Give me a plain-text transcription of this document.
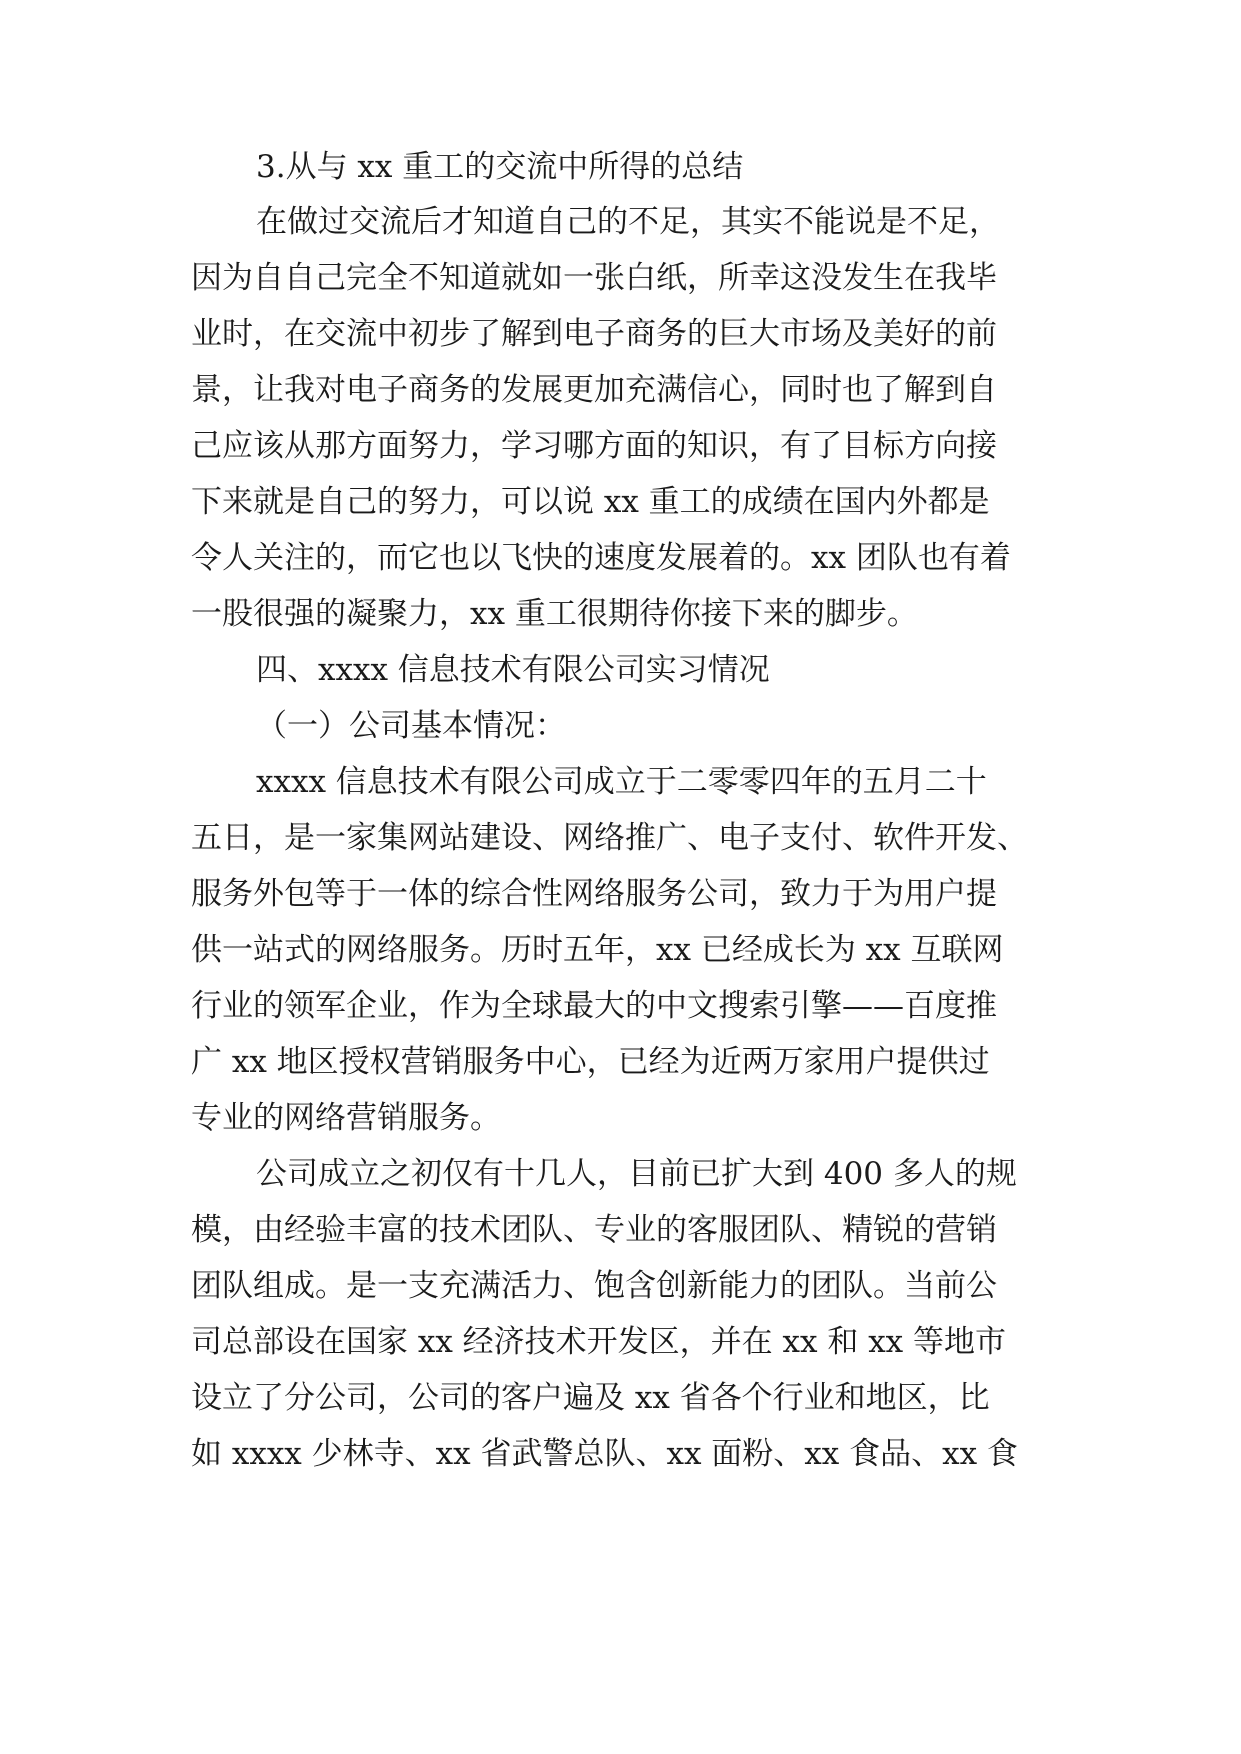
3.从与 xx 重工的交流中所得的总结
在做过交流后才知道自己的不足，其实不能说是不足，
因为自自己完全不知道就如一张白纸，所幸这没发生在我毕
业时，在交流中初步了解到电子商务的巨大市场及美好的前
景，让我对电子商务的发展更加充满信心，同时也了解到自
己应该从那方面努力，学习哪方面的知识，有了目标方向接
下来就是自己的努力，可以说 xx 重工的成绩在国内外都是
令人关注的，而它也以飞快的速度发展着的。xx 团队也有着
一股很强的凝聚力，xx 重工很期待你接下来的脚步。
四、xxxx 信息技术有限公司实习情况
（一）公司基本情况：
xxxx 信息技术有限公司成立于二零零四年的五月二十
五日，是一家集网站建设、网络推广、电子支付、软件开发、
服务外包等于一体的综合性网络服务公司，致力于为用户提
供一站式的网络服务。历时五年，xx 已经成长为 xx 互联网
行业的领军企业，作为全球最大的中文搜索引擎——百度推
广 xx 地区授权营销服务中心，已经为近两万家用户提供过
专业的网络营销服务。
公司成立之初仅有十几人，目前已扩大到 400 多人的规
模，由经验丰富的技术团队、专业的客服团队、精锐的营销
团队组成。是一支充满活力、饱含创新能力的团队。当前公
司总部设在国家 xx 经济技术开发区，并在 xx 和 xx 等地市
设立了分公司，公司的客户遍及 xx 省各个行业和地区，比
如 xxxx 少林寺、xx 省武警总队、xx 面粉、xx 食品、xx 食
